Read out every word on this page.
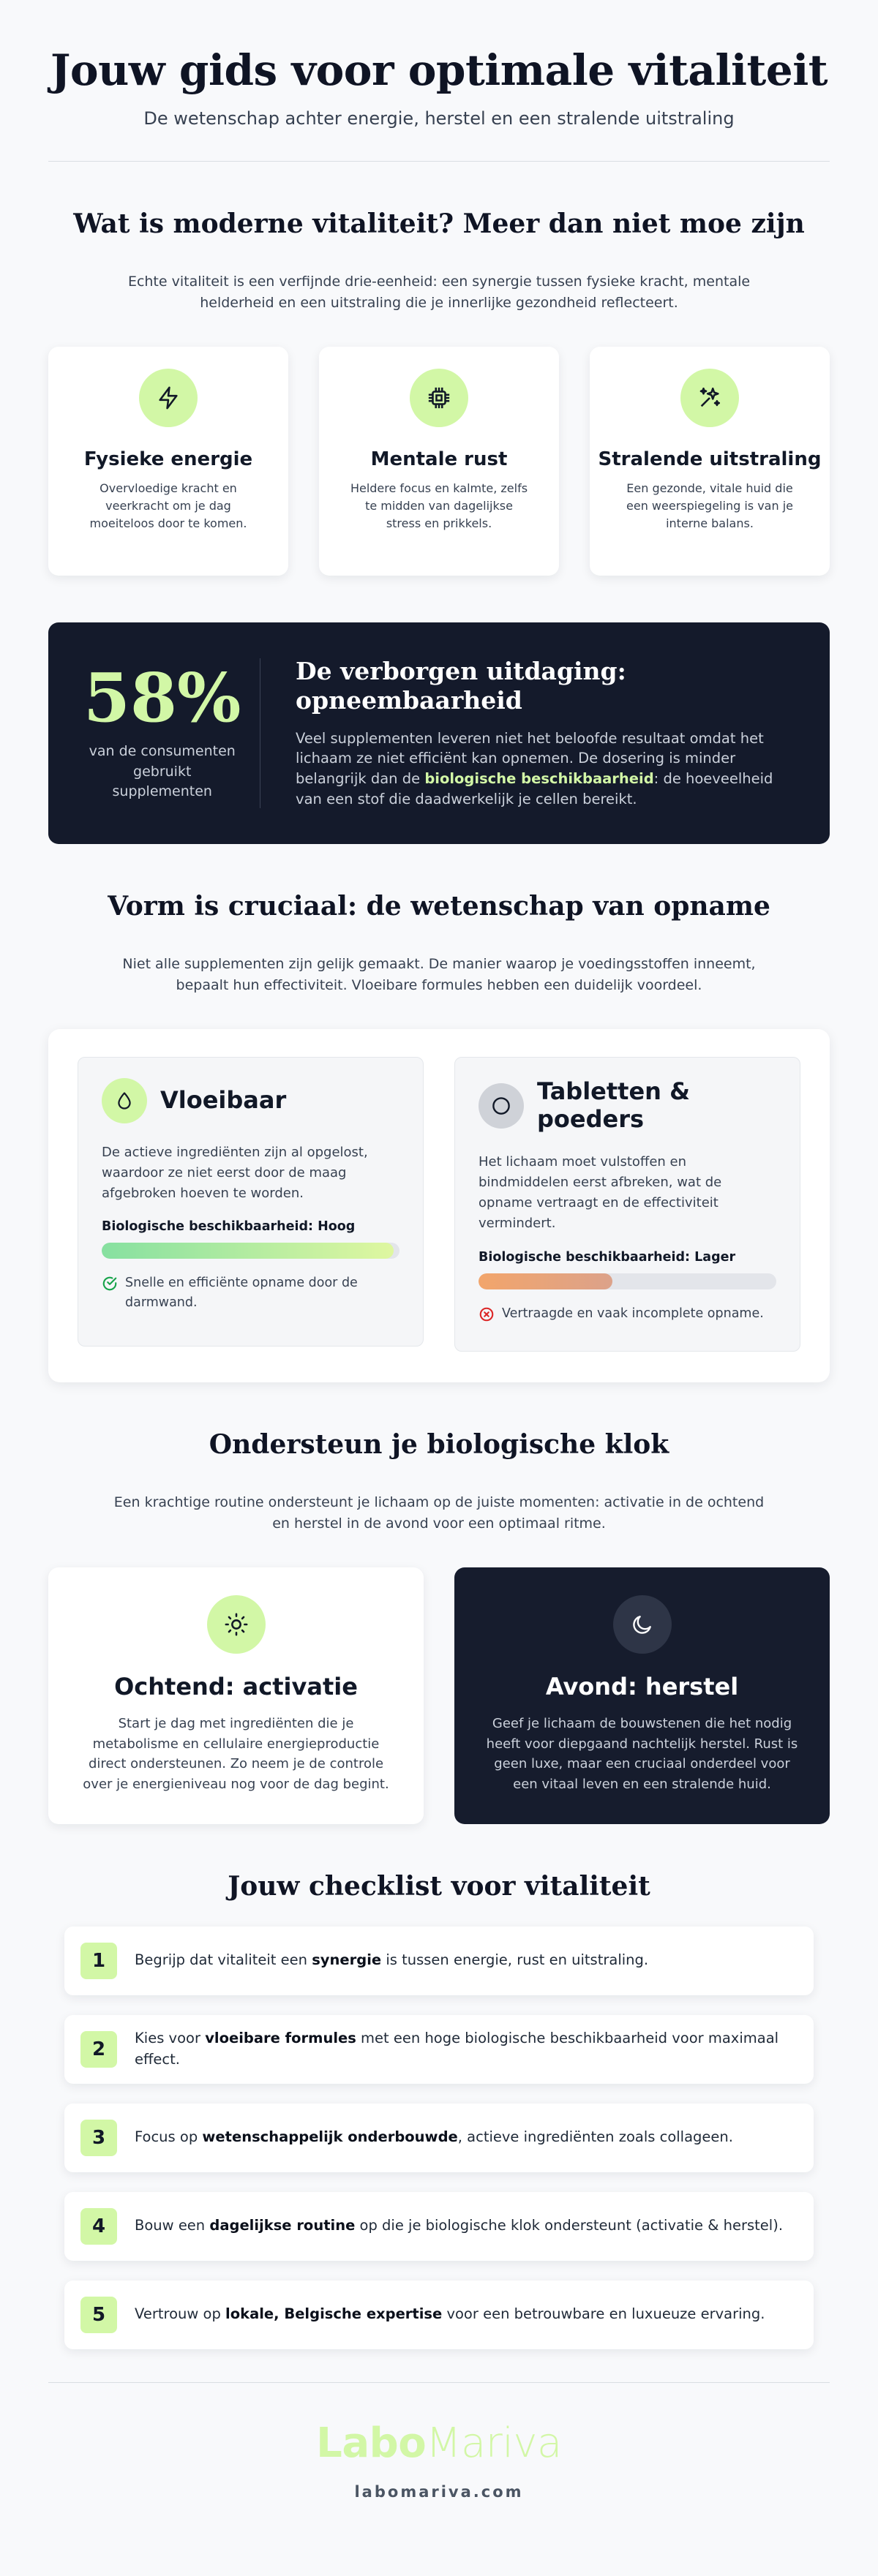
Jouw gids voor optimale vitaliteit

De wetenschap achter energie, herstel en een stralende uitstraling

Wat is moderne vitaliteit? Meer dan niet moe zijn

Echte vitaliteit is een verfijnde drie-eenheid: een synergie tussen fysieke kracht, mentale helderheid en een uitstraling die je innerlijke gezondheid reflecteert.

Fysieke energie

Overvloedige kracht en veerkracht om je dag moeiteloos door te komen.

Mentale rust

Heldere focus en kalmte, zelfs te midden van dagelijkse stress en prikkels.

Stralende uitstraling

Een gezonde, vitale huid die een weerspiegeling is van je interne balans.

58%
van de consumenten gebruikt supplementen
De verborgen uitdaging: opneembaarheid

Veel supplementen leveren niet het beloofde resultaat omdat het lichaam ze niet efficiënt kan opnemen. De dosering is minder belangrijk dan de biologische beschikbaarheid: de hoeveelheid van een stof die daadwerkelijk je cellen bereikt.

Vorm is cruciaal: de wetenschap van opname

Niet alle supplementen zijn gelijk gemaakt. De manier waarop je voedingsstoffen inneemt, bepaalt hun effectiviteit. Vloeibare formules hebben een duidelijk voordeel.

Vloeibaar

De actieve ingrediënten zijn al opgelost, waardoor ze niet eerst door de maag afgebroken hoeven te worden.

Biologische beschikbaarheid: Hoog

Snelle en efficiënte opname door de darmwand.
Tabletten & poeders

Het lichaam moet vulstoffen en bindmiddelen eerst afbreken, wat de opname vertraagt en de effectiviteit vermindert.

Biologische beschikbaarheid: Lager

Vertraagde en vaak incomplete opname.
Ondersteun je biologische klok

Een krachtige routine ondersteunt je lichaam op de juiste momenten: activatie in de ochtend en herstel in de avond voor een optimaal ritme.

Ochtend: activatie

Start je dag met ingrediënten die je metabolisme en cellulaire energieproductie direct ondersteunen. Zo neem je de controle over je energieniveau nog voor de dag begint.

Avond: herstel

Geef je lichaam de bouwstenen die het nodig heeft voor diepgaand nachtelijk herstel. Rust is geen luxe, maar een cruciaal onderdeel voor een vitaal leven en een stralende huid.

Jouw checklist voor vitaliteit
1	Begrijp dat vitaliteit een synergie is tussen energie, rust en uitstraling.
2	Kies voor vloeibare formules met een hoge biologische beschikbaarheid voor maximaal effect.
3	Focus op wetenschappelijk onderbouwde, actieve ingrediënten zoals collageen.
4	Bouw een dagelijkse routine op die je biologische klok ondersteunt (activatie & herstel).
5	Vertrouw op lokale, Belgische expertise voor een betrouwbare en luxueuze ervaring.
LaboMariva
labomariva.com
